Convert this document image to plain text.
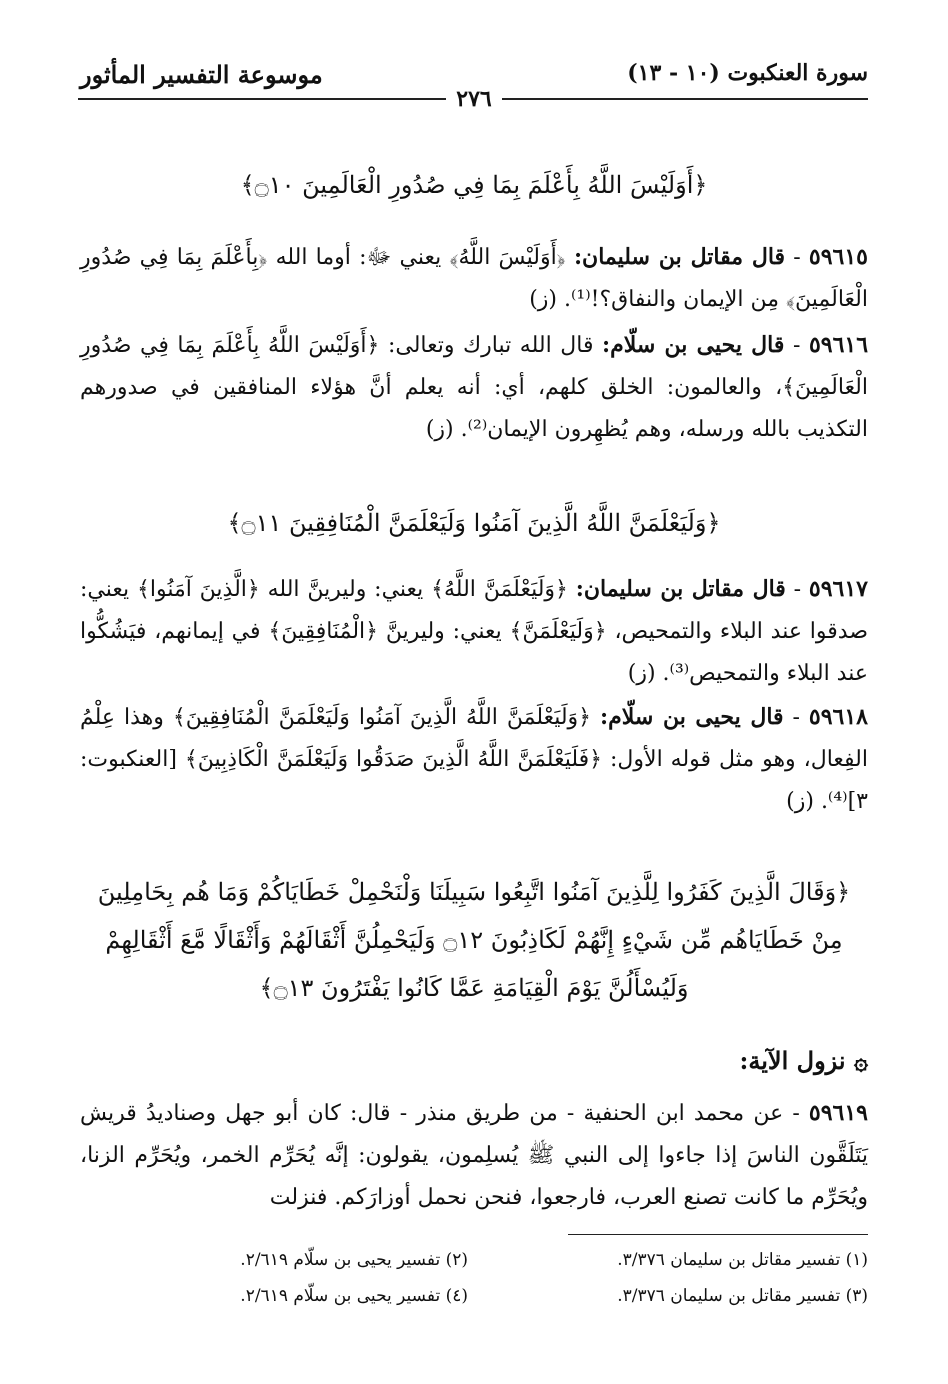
سورة العنكبوت (١٠ - ١٣)
موسوعة التفسير المأثور
٢٧٦
﴿أَوَلَيْسَ اللَّهُ بِأَعْلَمَ بِمَا فِي صُدُورِ الْعَالَمِينَ ۝١٠﴾
٥٩٦١٥ - قال مقاتل بن سليمان: ﴿أَوَلَيْسَ اللَّهُ﴾ يعني ﷻ: أوما الله ﴿بِأَعْلَمَ بِمَا فِي صُدُورِ الْعَالَمِينَ﴾ مِن الإيمان والنفاق؟!⁽¹⁾. (ز)
٥٩٦١٦ - قال يحيى بن سلّام: قال الله تبارك وتعالى: ﴿أَوَلَيْسَ اللَّهُ بِأَعْلَمَ بِمَا فِي صُدُورِ الْعَالَمِينَ﴾، والعالمون: الخلق كلهم، أي: أنه يعلم أنَّ هؤلاء المنافقين في صدورهم التكذيب بالله ورسله، وهم يُظهِرون الإيمان⁽²⁾. (ز)
﴿وَلَيَعْلَمَنَّ اللَّهُ الَّذِينَ آمَنُوا وَلَيَعْلَمَنَّ الْمُنَافِقِينَ ۝١١﴾
٥٩٦١٧ - قال مقاتل بن سليمان: ﴿وَلَيَعْلَمَنَّ اللَّهُ﴾ يعني: وليرينَّ الله ﴿الَّذِينَ آمَنُوا﴾ يعني: صدقوا عند البلاء والتمحيص، ﴿وَلَيَعْلَمَنَّ﴾ يعني: وليرينَّ ﴿الْمُنَافِقِينَ﴾ في إيمانهم، فيَشُكُّوا عند البلاء والتمحيص⁽³⁾. (ز)
٥٩٦١٨ - قال يحيى بن سلّام: ﴿وَلَيَعْلَمَنَّ اللَّهُ الَّذِينَ آمَنُوا وَلَيَعْلَمَنَّ الْمُنَافِقِينَ﴾ وهذا عِلْمُ الفِعال، وهو مثل قوله الأول: ﴿فَلَيَعْلَمَنَّ اللَّهُ الَّذِينَ صَدَقُوا وَلَيَعْلَمَنَّ الْكَاذِبِينَ﴾ [العنكبوت: ٣]⁽⁴⁾. (ز)
﴿وَقَالَ الَّذِينَ كَفَرُوا لِلَّذِينَ آمَنُوا اتَّبِعُوا سَبِيلَنَا وَلْنَحْمِلْ خَطَايَاكُمْ وَمَا هُم بِحَامِلِينَ مِنْ خَطَايَاهُم مِّن شَيْءٍ إِنَّهُمْ لَكَاذِبُونَ ۝١٢ وَلَيَحْمِلُنَّ أَثْقَالَهُمْ وَأَثْقَالًا مَّعَ أَثْقَالِهِمْ وَلَيُسْأَلُنَّ يَوْمَ الْقِيَامَةِ عَمَّا كَانُوا يَفْتَرُونَ ۝١٣﴾
۞ نزول الآية:
٥٩٦١٩ - عن محمد ابن الحنفية - من طريق منذر - قال: كان أبو جهل وصناديدُ قريش يَتَلَقَّون الناسَ إذا جاءوا إلى النبي ﷺ يُسلِمون، يقولون: إنَّه يُحَرِّم الخمر، ويُحَرِّم الزنا، ويُحَرِّم ما كانت تصنع العرب، فارجعوا، فنحن نحمل أوزارَكم. فنزلت
(١) تفسير مقاتل بن سليمان ٣/٣٧٦.
(٢) تفسير يحيى بن سلّام ٢/٦١٩.
(٣) تفسير مقاتل بن سليمان ٣/٣٧٦.
(٤) تفسير يحيى بن سلّام ٢/٦١٩.
